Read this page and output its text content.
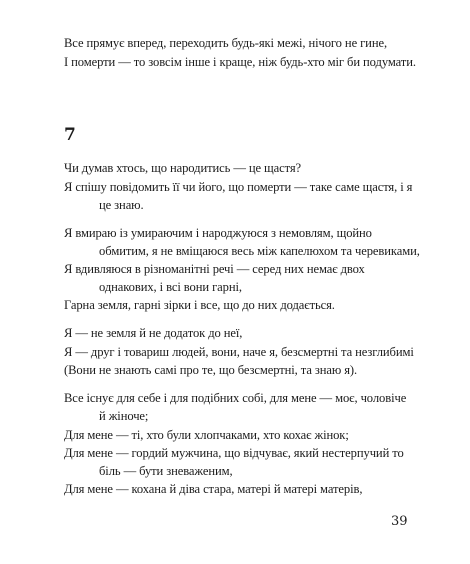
Все прямує вперед, переходить будь-які межі, нічого не гине,
І померти — то зовсім інше і краще, ніж будь-хто міг би подумати.
7
Чи думав хтось, що народитись — це щастя?
Я спішу повідомить її чи його, що померти — таке саме щастя, і я
це знаю.
Я вмираю із умираючим і народжуюся з немовлям, щойно
обмитим, я не вміщаюся весь між капелюхом та черевиками,
Я вдивляюся в різноманітні речі — серед них немає двох
однакових, і всі вони гарні,
Гарна земля, гарні зірки і все, що до них додається.
Я — не земля й не додаток до неї,
Я — друг і товариш людей, вони, наче я, безсмертні та незглибимі
(Вони не знають самі про те, що безсмертні, та знаю я).
Все існує для себе і для подібних собі, для мене — моє, чоловіче
й жіноче;
Для мене — ті, хто були хлопчаками, хто кохає жінок;
Для мене — гордий мужчина, що відчуває, який нестерпучий то
біль — бути зневаженим,
Для мене — кохана й діва стара, матері й матері матерів,
39
